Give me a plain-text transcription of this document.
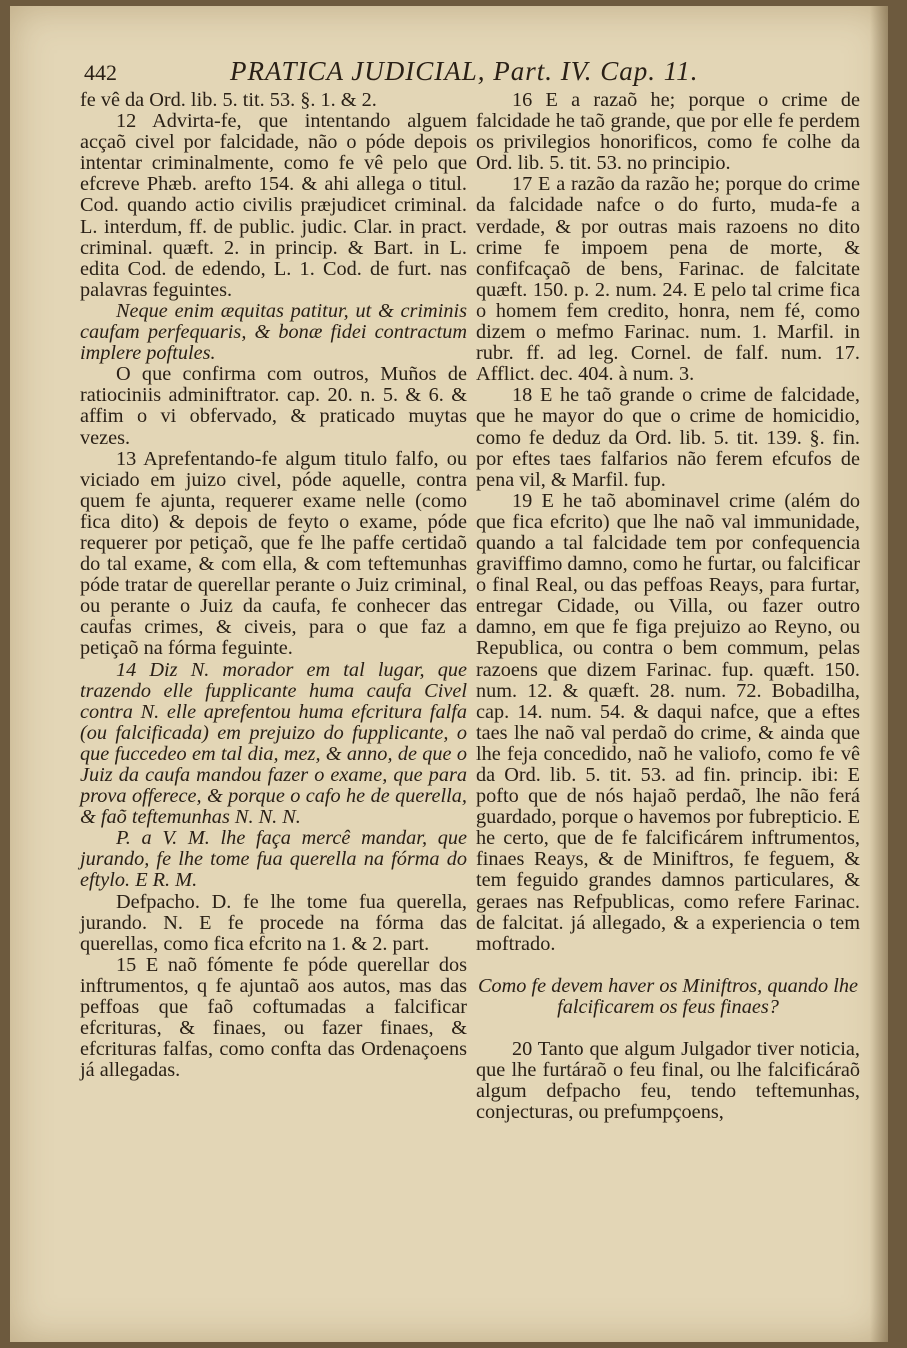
442	PRATICA JUDICIAL, Part. IV. Cap. 11.

fe vê da Ord. lib. 5. tit. 53. §. 1. & 2.

12 Advirta-fe, que intentando alguem acçaõ civel por falcidade, não o póde depois intentar criminalmente, como fe vê pelo que efcreve Phæb. arefto 154. & ahi allega o titul. Cod. quando actio civilis præjudicet criminal. L. interdum, ff. de public. judic. Clar. in pract. criminal. quæft. 2. in princip. & Bart. in L. edita Cod. de edendo, L. 1. Cod. de furt. nas palavras feguintes.

Neque enim æquitas patitur, ut & criminis caufam perfequaris, & bonæ fidei contractum implere poftules.

O que confirma com outros, Muños de ratiociniis adminiftrator. cap. 20. n. 5. & 6. & affim o vi obfervado, & praticado muytas vezes.

13 Aprefentando-fe algum titulo falfo, ou viciado em juizo civel, póde aquelle, contra quem fe ajunta, requerer exame nelle (como fica dito) & depois de feyto o exame, póde requerer por petiçaõ, que fe lhe paffe certidaõ do tal exame, & com ella, & com teftemunhas póde tratar de querellar perante o Juiz criminal, ou perante o Juiz da caufa, fe conhecer das caufas crimes, & civeis, para o que faz a petiçaõ na fórma feguinte.

14 Diz N. morador em tal lugar, que trazendo elle fupplicante huma caufa Civel contra N. elle aprefentou huma efcritura falfa (ou falcificada) em prejuizo do fupplicante, o que fuccedeo em tal dia, mez, & anno, de que o Juiz da caufa mandou fazer o exame, que para prova offerece, & porque o cafo he de querella, & faõ teftemunhas N. N. N.

P. a V. M. lhe faça mercê mandar, que jurando, fe lhe tome fua querella na fórma do eftylo. E R. M.

Defpacho. D. fe lhe tome fua querella, jurando. N. E fe procede na fórma das querellas, como fica efcrito na 1. & 2. part.

15 E naõ fómente fe póde querellar dos inftrumentos, q fe ajuntaõ aos autos, mas das peffoas que faõ coftumadas a falcificar efcrituras, & finaes, ou fazer finaes, & efcrituras falfas, como confta das Ordenaçoens já allegadas.

16 E a razaõ he; porque o crime de falcidade he taõ grande, que por elle fe perdem os privilegios honorificos, como fe colhe da Ord. lib. 5. tit. 53. no principio.

17 E a razão da razão he; porque do crime da falcidade nafce o do furto, muda-fe a verdade, & por outras mais razoens no dito crime fe impoem pena de morte, & confifcaçaõ de bens, Farinac. de falcitate quæft. 150. p. 2. num. 24. E pelo tal crime fica o homem fem credito, honra, nem fé, como dizem o mefmo Farinac. num. 1. Marfil. in rubr. ff. ad leg. Cornel. de falf. num. 17. Afflict. dec. 404. à num. 3.

18 E he taõ grande o crime de falcidade, que he mayor do que o crime de homicidio, como fe deduz da Ord. lib. 5. tit. 139. §. fin. por eftes taes falfarios não ferem efcufos de pena vil, & Marfil. fup.

19 E he taõ abominavel crime (além do que fica efcrito) que lhe naõ val immunidade, quando a tal falcidade tem por confequencia graviffimo damno, como he furtar, ou falcificar o final Real, ou das peffoas Reays, para furtar, entregar Cidade, ou Villa, ou fazer outro damno, em que fe figa prejuizo ao Reyno, ou Republica, ou contra o bem commum, pelas razoens que dizem Farinac. fup. quæft. 150. num. 12. & quæft. 28. num. 72. Bobadilha, cap. 14. num. 54. & daqui nafce, que a eftes taes lhe naõ val perdaõ do crime, & ainda que lhe feja concedido, naõ he valiofo, como fe vê da Ord. lib. 5. tit. 53. ad fin. princip. ibi: E pofto que de nós hajaõ perdaõ, lhe não ferá guardado, porque o havemos por fubrepticio. E he certo, que de fe falcificárem inftrumentos, finaes Reays, & de Miniftros, fe feguem, & tem feguido grandes damnos particulares, & geraes nas Refpublicas, como refere Farinac. de falcitat. já allegado, & a experiencia o tem moftrado.

Como fe devem haver os Miniftros, quando lhe falcificarem os feus finaes?

20 Tanto que algum Julgador tiver noticia, que lhe furtáraõ o feu final, ou lhe falcificáraõ algum defpacho feu, tendo teftemunhas, conjecturas, ou prefumpçoens,
